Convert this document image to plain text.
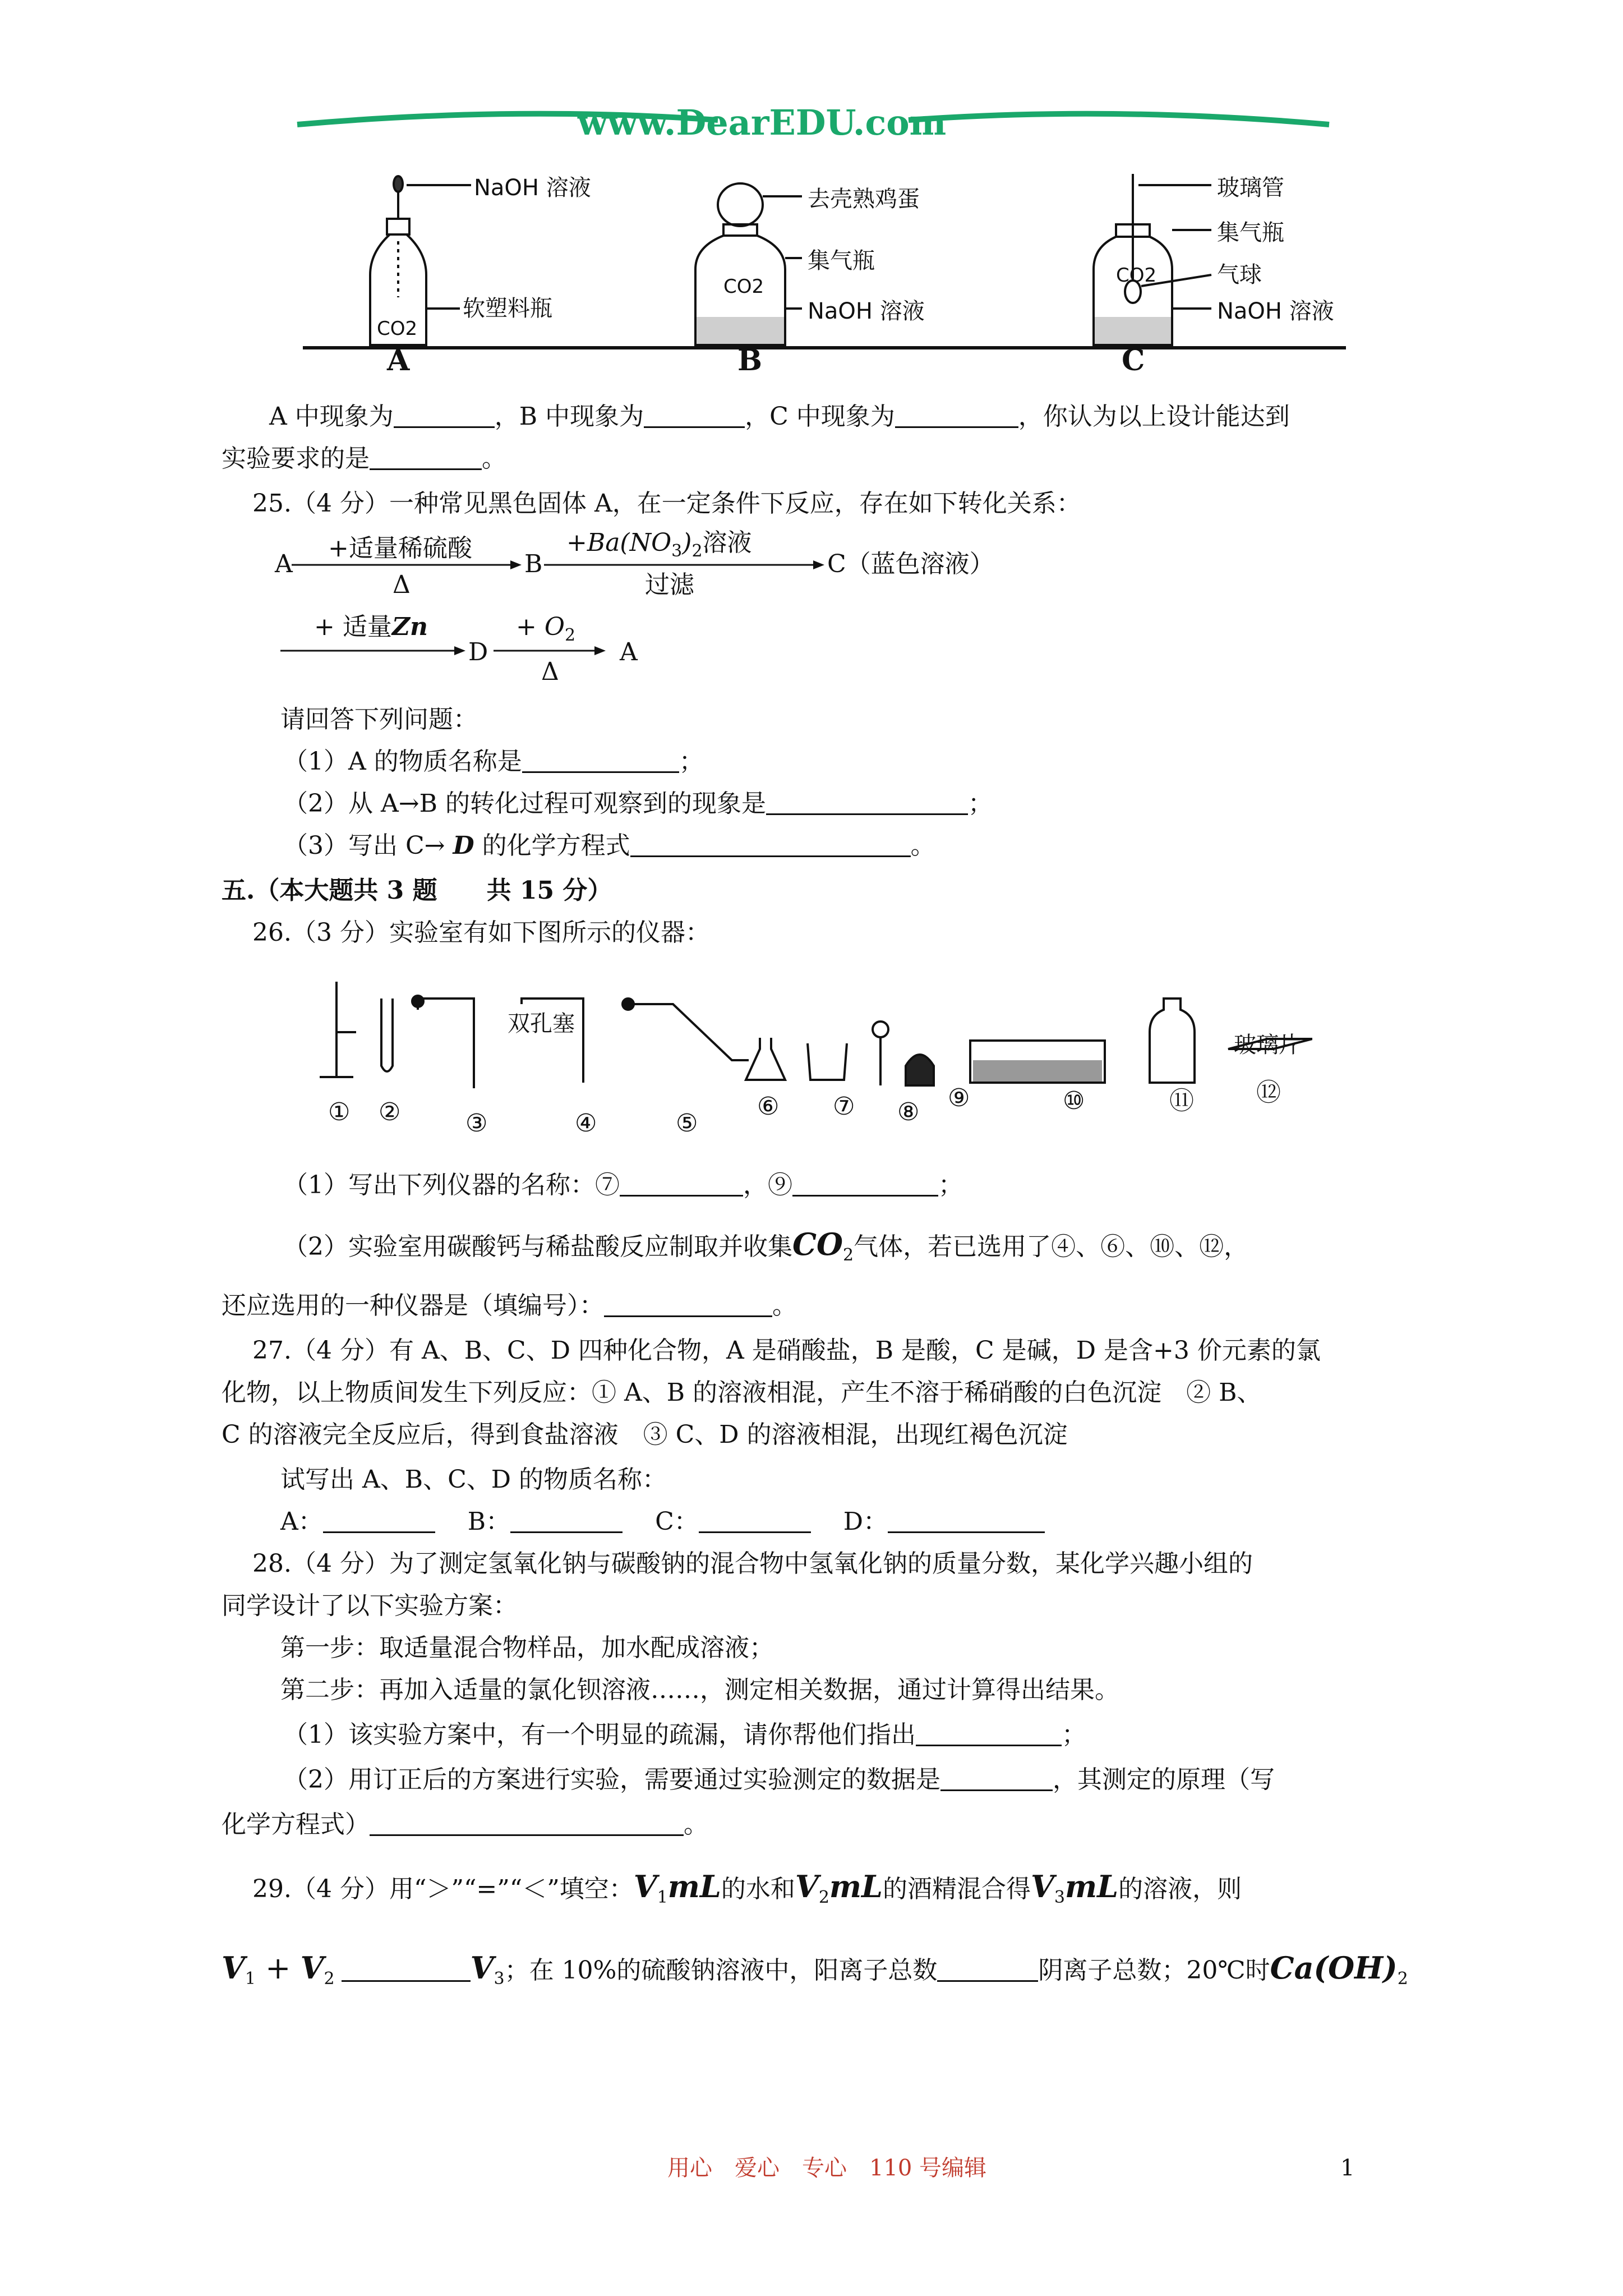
www.DearEDU.com
NaOH 溶液
软塑料瓶
CO2
A
去壳熟鸡蛋
集气瓶
NaOH 溶液
CO2
B
玻璃管
集气瓶
气球
NaOH 溶液
CO2
C
A 中现象为	，B 中现象为	，C 中现象为	，你认为以上设计能达到
实验要求的是	。
25.（4 分）一种常见黑色固体 A，在一定条件下反应，存在如下转化关系：
A
+适量稀硫酸
Δ
B
$+Ba(NO_3)_2$溶液
过滤
C（蓝色溶液）
+ 适量Zn
D
+ $O_2$
Δ
A
请回答下列问题：
（1）A 的物质名称是	；
（2）从 A→B 的转化过程可观察到的现象是	；
（3）写出 C→ D 的化学方程式	。
五.（本大题共 3 题　　共 15 分）
26.（3 分）实验室有如下图所示的仪器：
双孔塞
玻璃片
① ②	③	④	⑤
⑥ ⑦ ⑧ ⑨	⑩	⑪	⑫
（1）写出下列仪器的名称：⑦	，⑨	；
（2）实验室用碳酸钙与稀盐酸反应制取并收集$CO_2$气体，若已选用了④、⑥、⑩、⑫，
还应选用的一种仪器是（填编号）：	。
27.（4 分）有 A、B、C、D 四种化合物，A 是硝酸盐，B 是酸，C 是碱，D 是含+3 价元素的氯
化物，以上物质间发生下列反应：① A、B 的溶液相混，产生不溶于稀硝酸的白色沉淀　② B、
C 的溶液完全反应后，得到食盐溶液　③ C、D 的溶液相混，出现红褐色沉淀
试写出 A、B、C、D 的物质名称：
A：	B：	C：	D：
28.（4 分）为了测定氢氧化钠与碳酸钠的混合物中氢氧化钠的质量分数，某化学兴趣小组的
同学设计了以下实验方案：
第一步：取适量混合物样品，加水配成溶液；
第二步：再加入适量的氯化钡溶液……，测定相关数据，通过计算得出结果。
（1）该实验方案中，有一个明显的疏漏，请你帮他们指出	；
（2）用订正后的方案进行实验，需要通过实验测定的数据是	，其测定的原理（写
化学方程式）	。
29.（4 分）用“＞”“=”“＜”填空：$V_1mL$的水和$V_2mL$的酒精混合得$V_3mL$的溶液，则
$V_1 + V_2$	$V_3$；在 10%的硫酸钠溶液中，阳离子总数	阴离子总数；20℃时$Ca(OH)_2$
用心　爱心　专心　110 号编辑	1
